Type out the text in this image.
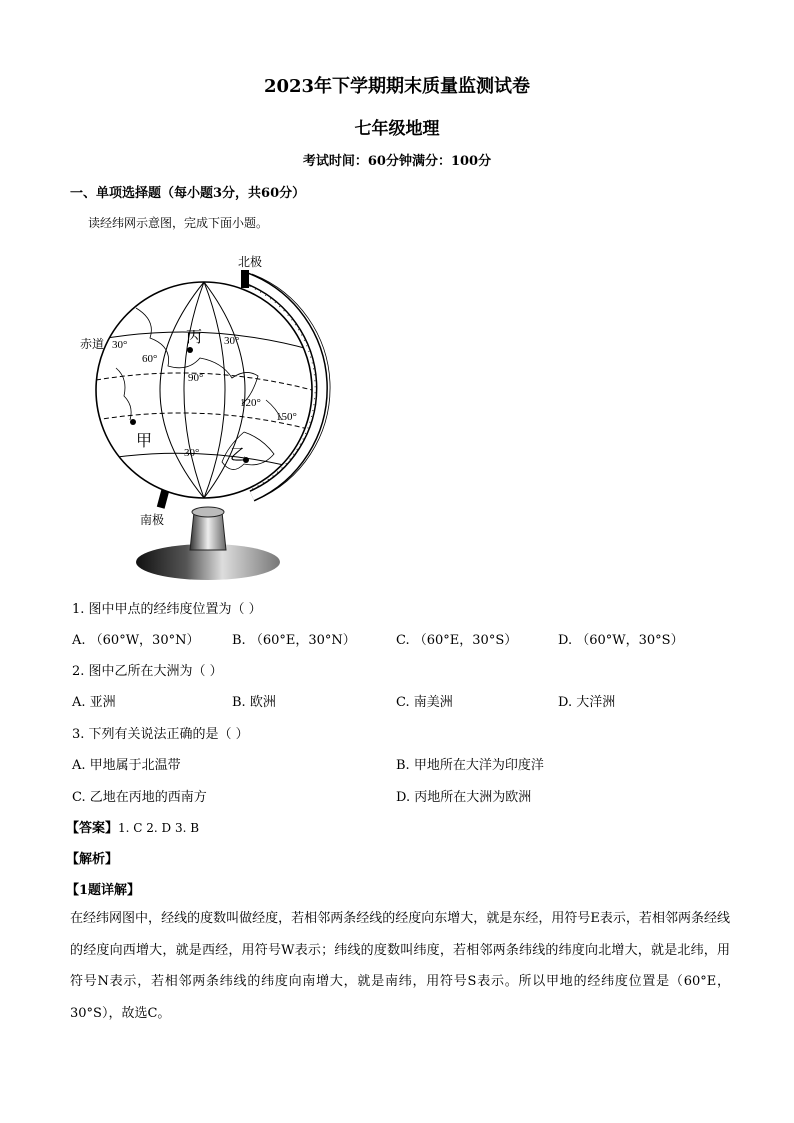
2023年下学期期末质量监测试卷
七年级地理
考试时间：60分钟满分：100分
一、单项选择题（每小题3分，共60分）
读经纬网示意图，完成下面小题。
北极
南极
赤道 30°	丙 30°
60°
90°
120°
150°
甲
30° 乙
1. 图中甲点的经纬度位置为（ ）
A. （60°W，30°N）	B. （60°E，30°N）	C. （60°E，30°S）	D. （60°W，30°S）
2. 图中乙所在大洲为（ ）
A. 亚洲	B. 欧洲	C. 南美洲	D. 大洋洲
3. 下列有关说法正确的是（ ）
A. 甲地属于北温带	B. 甲地所在大洋为印度洋
C. 乙地在丙地的西南方	D. 丙地所在大洲为欧洲
【答案】1. C 2. D 3. B
【解析】
【1题详解】
在经纬网图中，经线的度数叫做经度，若相邻两条经线的经度向东增大，就是东经，用符号E表示，若相邻两条经线的经度向西增大，就是西经，用符号W表示；纬线的度数叫纬度，若相邻两条纬线的纬度向北增大，就是北纬，用符号N表示，若相邻两条纬线的纬度向南增大，就是南纬，用符号S表示。所以甲地的经纬度位置是（60°E，30°S），故选C。
